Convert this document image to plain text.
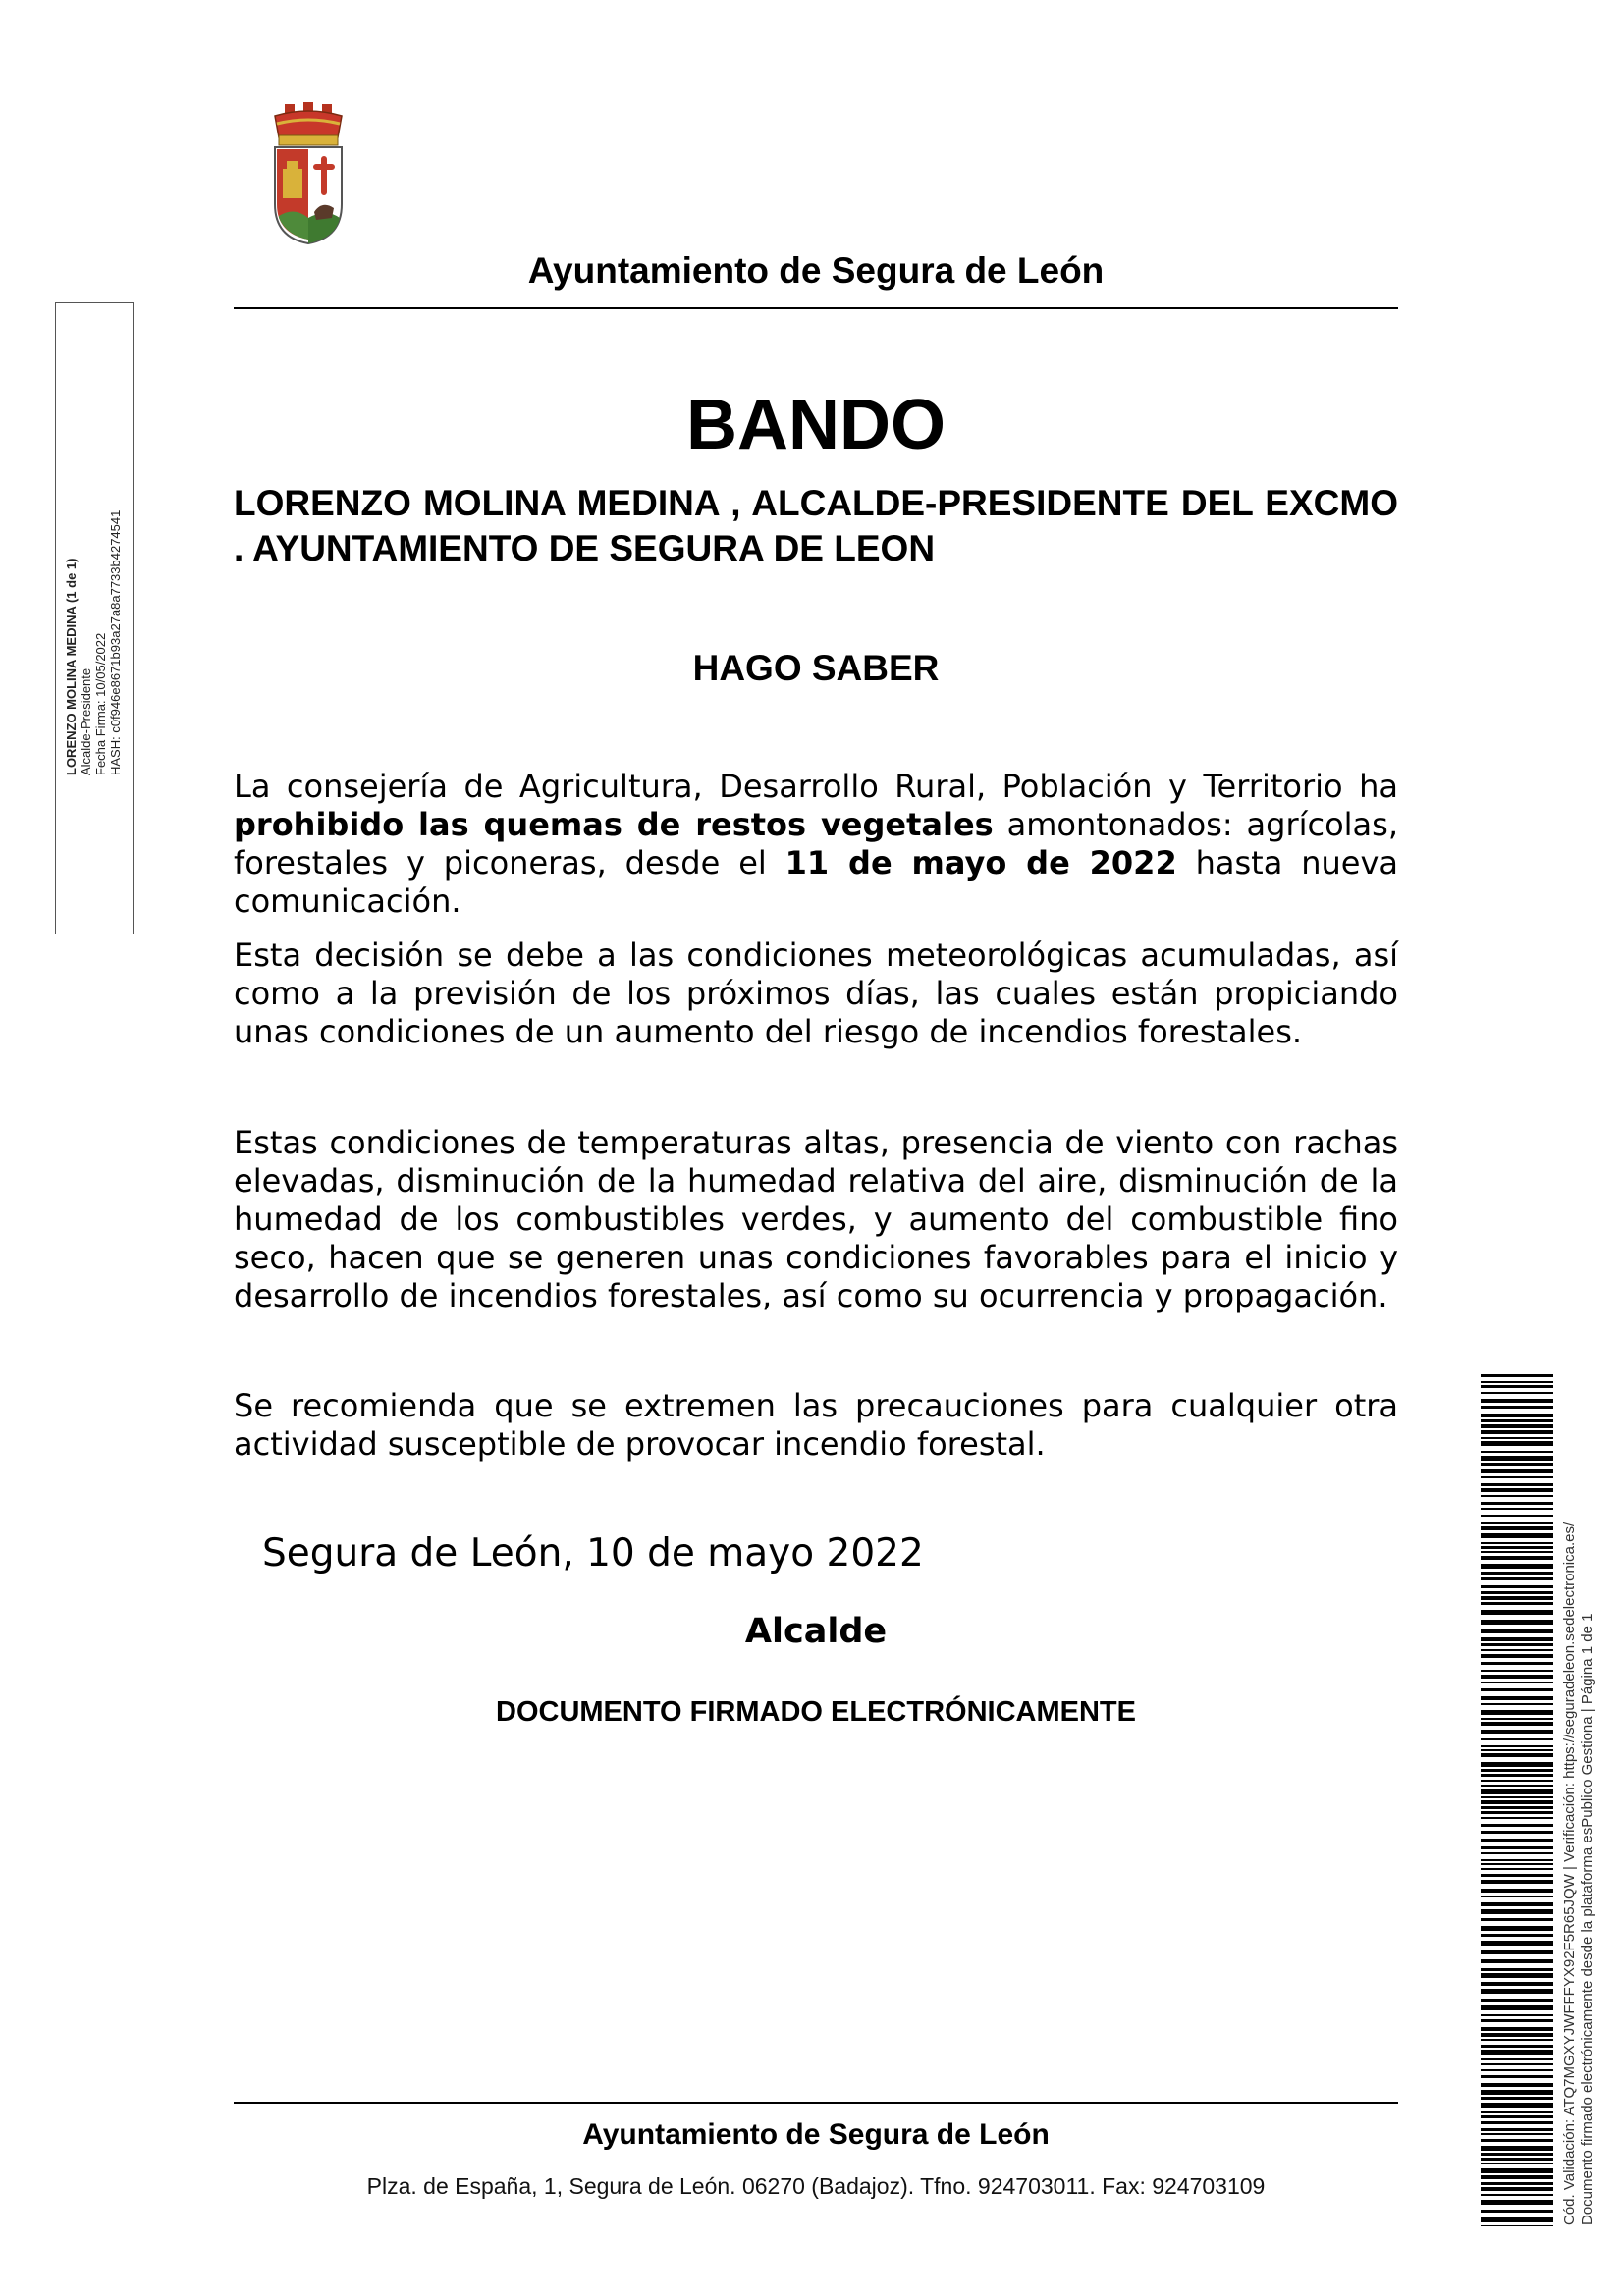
Ayuntamiento de Segura de León
LORENZO MOLINA MEDINA (1 de 1) Alcalde-Presidente Fecha Firma: 10/05/2022 HASH: c0f946e8671b93a27a8a7733b4274541
BANDO
LORENZO MOLINA MEDINA , ALCALDE-PRESIDENTE DEL EXCMO . AYUNTAMIENTO DE SEGURA DE LEON
HAGO SABER
La consejería de Agricultura, Desarrollo Rural, Población y Territorio ha prohibido las quemas de restos vegetales amontonados: agrícolas, forestales y piconeras, desde el 11 de mayo de 2022 hasta nueva comunicación.
Esta decisión se debe a las condiciones meteorológicas acumuladas, así como a la previsión de los próximos días, las cuales están propiciando unas condiciones de un aumento del riesgo de incendios forestales.
Estas condiciones de temperaturas altas, presencia de viento con rachas elevadas, disminución de la humedad relativa del aire, disminución de la humedad de los combustibles verdes, y aumento del combustible fino seco, hacen que se generen unas condiciones favorables para el inicio y desarrollo de incendios forestales, así como su ocurrencia y propagación.
Se recomienda que se extremen las precauciones para cualquier otra actividad susceptible de provocar incendio forestal.
Segura de León, 10 de mayo 2022
Alcalde
DOCUMENTO FIRMADO ELECTRÓNICAMENTE
Ayuntamiento de Segura de León
Plza. de España, 1, Segura de León. 06270 (Badajoz). Tfno. 924703011. Fax: 924703109	Cód. Validación: ATQ7MGXYJWFFFYX92F5R65JQW | Verificación: https://seguradeleon.sedelectronica.es/ Documento firmado electrónicamente desde la plataforma esPublico Gestiona | Página 1 de 1
